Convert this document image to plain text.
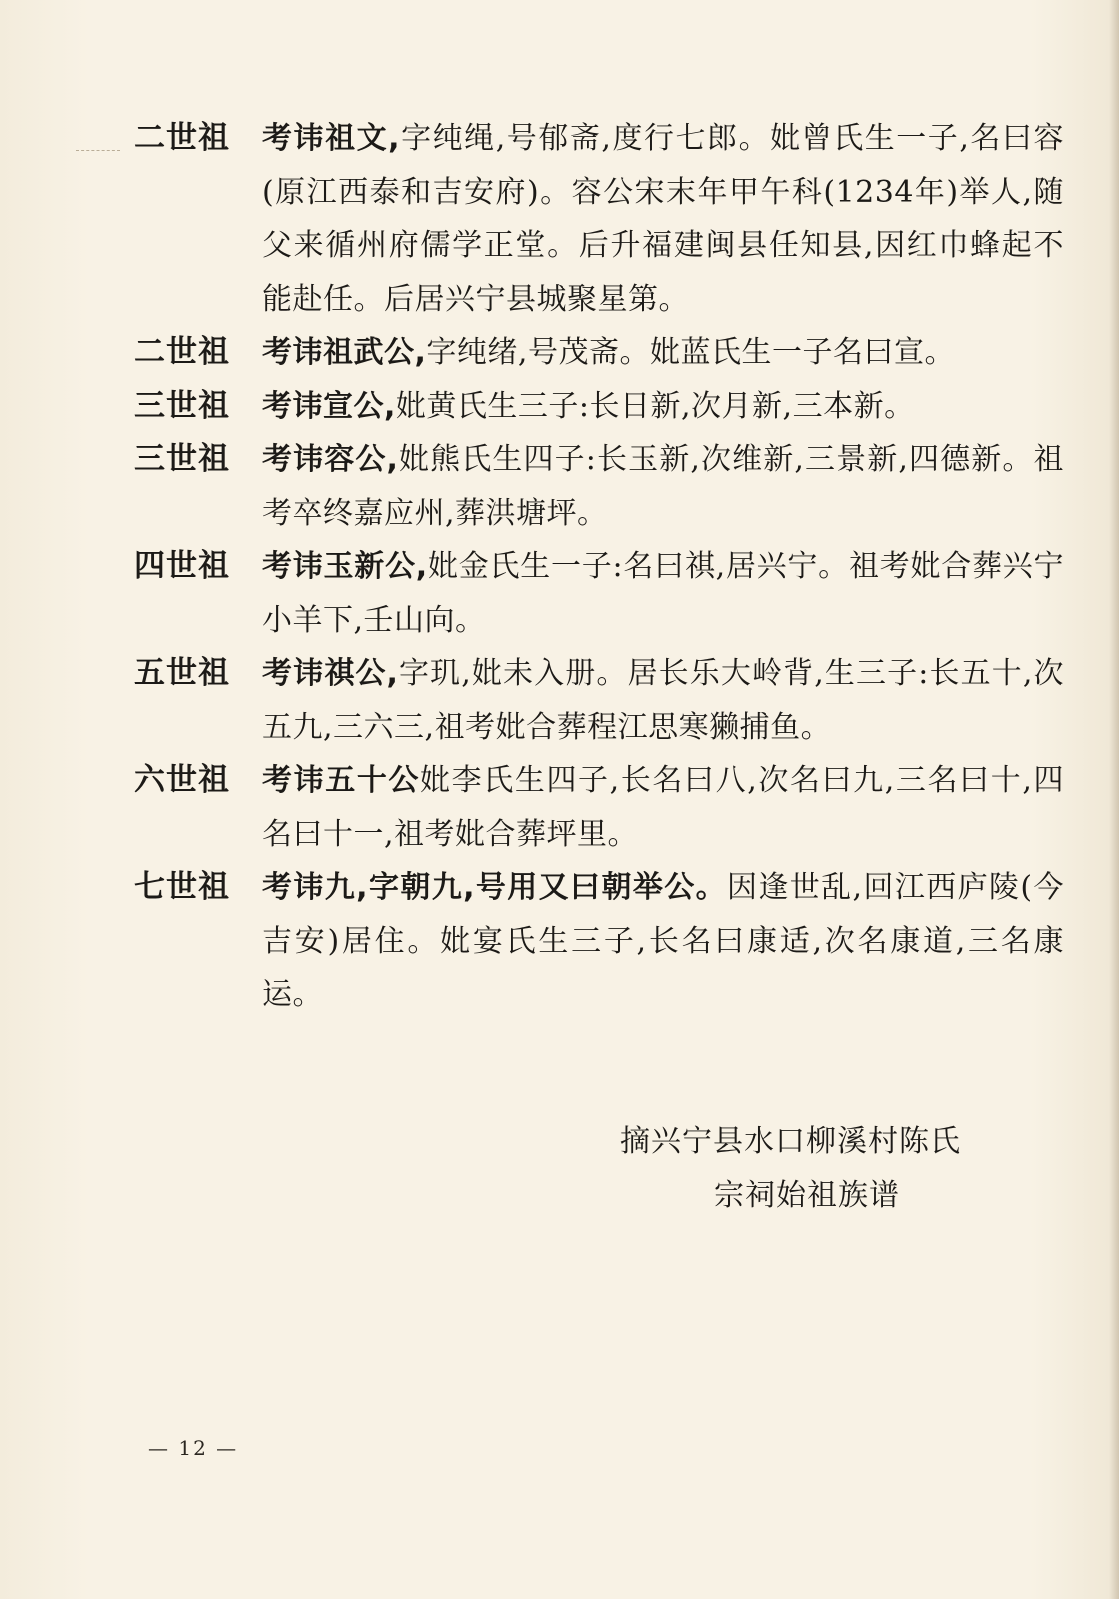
二世祖	考讳祖文,字纯绳,号郁斋,度行七郎。妣曾氏生一子,名曰容(原江西泰和吉安府)。容公宋末年甲午科(1234年)举人,随父来循州府儒学正堂。后升福建闽县任知县,因红巾蜂起不能赴任。后居兴宁县城聚星第。
二世祖	考讳祖武公,字纯绪,号茂斋。妣蓝氏生一子名曰宣。
三世祖	考讳宣公,妣黄氏生三子:长日新,次月新,三本新。
三世祖	考讳容公,妣熊氏生四子:长玉新,次维新,三景新,四德新。祖考卒终嘉应州,葬洪塘坪。
四世祖	考讳玉新公,妣金氏生一子:名曰祺,居兴宁。祖考妣合葬兴宁小羊下,壬山向。
五世祖	考讳祺公,字玑,妣未入册。居长乐大岭背,生三子:长五十,次五九,三六三,祖考妣合葬程江思寒獭捕鱼。
六世祖	考讳五十公妣李氏生四子,长名曰八,次名曰九,三名曰十,四名曰十一,祖考妣合葬坪里。
七世祖	考讳九,字朝九,号用又曰朝举公。因逢世乱,回江西庐陵(今吉安)居住。妣宴氏生三子,长名曰康适,次名康道,三名康运。
摘兴宁县水口柳溪村陈氏
宗祠始祖族谱
— 12 —
